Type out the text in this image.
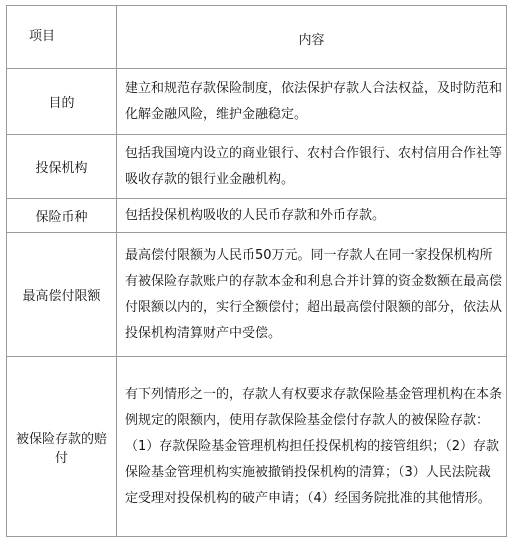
项目	内容
目的	建立和规范存款保险制度，依法保护存款人合法权益，及时防范和化解金融风险，维护金融稳定。
投保机构	包括我国境内设立的商业银行、农村合作银行、农村信用合作社等吸收存款的银行业金融机构。
保险币种	包括投保机构吸收的人民币存款和外币存款。
最高偿付限额	最高偿付限额为人民币50万元。同一存款人在同一家投保机构所有被保险存款账户的存款本金和利息合并计算的资金数额在最高偿付限额以内的，实行全额偿付；超出最高偿付限额的部分，依法从投保机构清算财产中受偿。
被保险存款的赔付	有下列情形之一的，存款人有权要求存款保险基金管理机构在本条例规定的限额内，使用存款保险基金偿付存款人的被保险存款：（1）存款保险基金管理机构担任投保机构的接管组织；（2）存款保险基金管理机构实施被撤销投保机构的清算；（3）人民法院裁定受理对投保机构的破产申请；（4）经国务院批准的其他情形。
